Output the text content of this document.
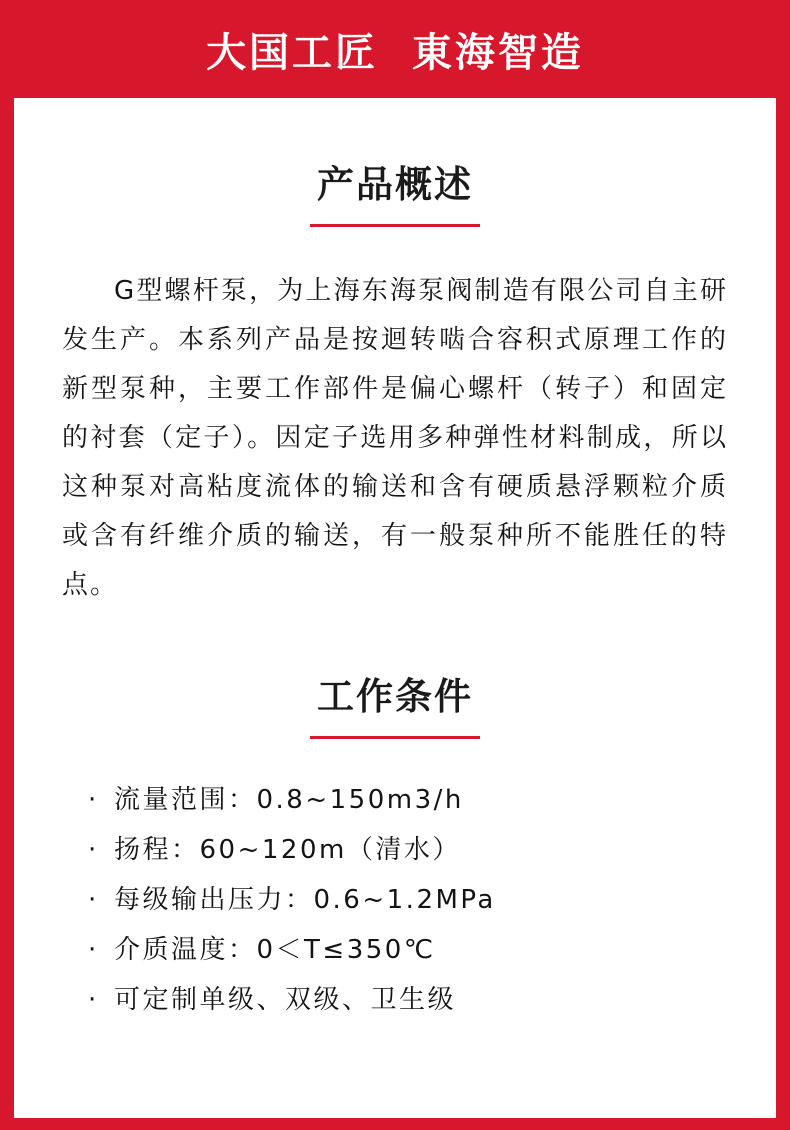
大国工匠  東海智造
产品概述

G型螺杆泵，为上海东海泵阀制造有限公司自主研发生产。本系列产品是按迴转啮合容积式原理工作的新型泵种，主要工作部件是偏心螺杆（转子）和固定的衬套（定子）。因定子选用多种弹性材料制成，所以这种泵对高粘度流体的输送和含有硬质悬浮颗粒介质或含有纤维介质的输送，有一般泵种所不能胜任的特点。

工作条件
· 流量范围：0.8~150m3/h
· 扬程：60~120m（清水）
· 每级输出压力：0.6~1.2MPa
· 介质温度：0＜T≤350℃
· 可定制单级、双级、卫生级
